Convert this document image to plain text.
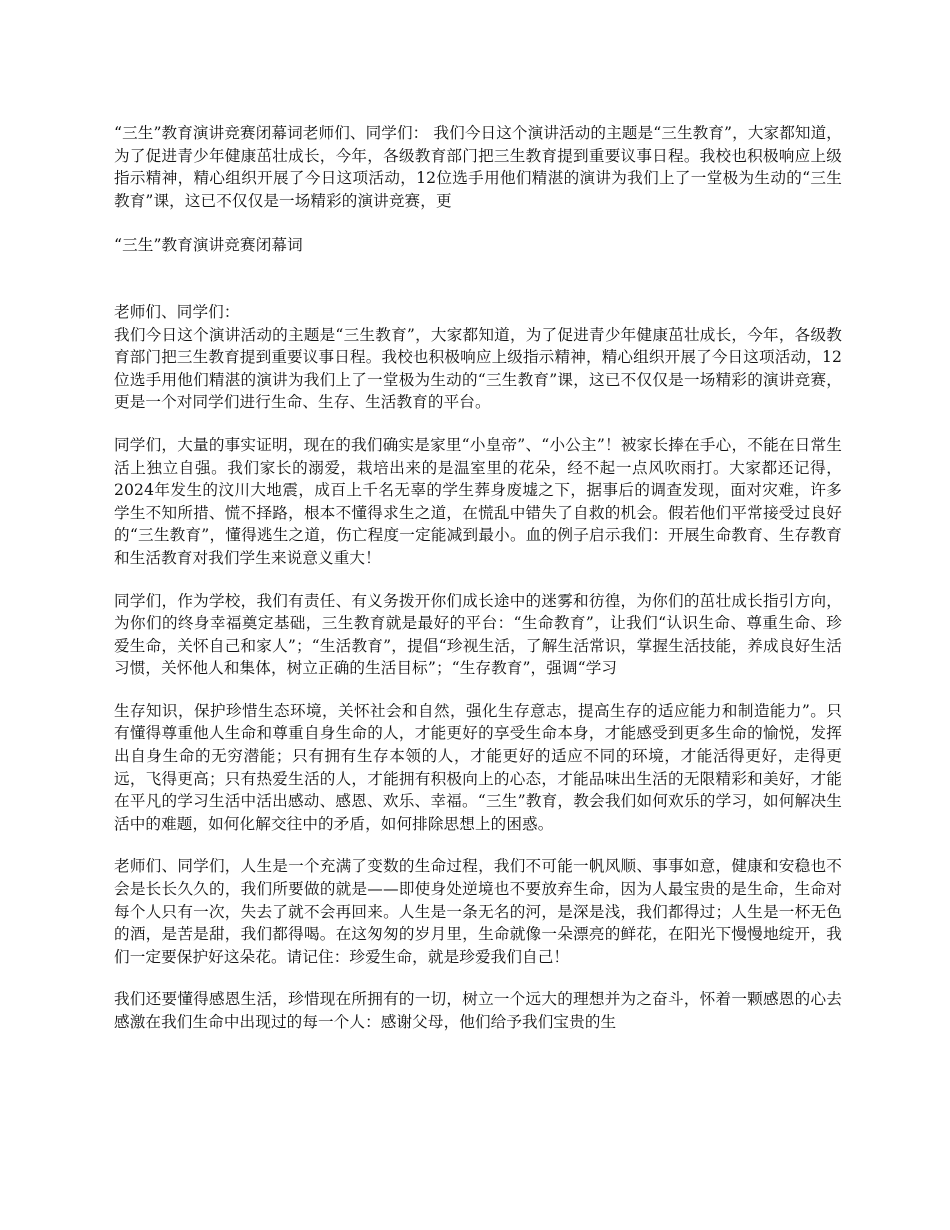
“三生”教育演讲竞赛闭幕词老师们、同学们： 我们今日这个演讲活动的主题是“三生教育”，大家都知道，为了促进青少年健康茁壮成长，今年，各级教育部门把三生教育提到重要议事日程。我校也积极响应上级指示精神，精心组织开展了今日这项活动，12位选手用他们精湛的演讲为我们上了一堂极为生动的“三生教育”课，这已不仅仅是一场精彩的演讲竞赛，更

“三生”教育演讲竞赛闭幕词

老师们、同学们：

我们今日这个演讲活动的主题是“三生教育”，大家都知道，为了促进青少年健康茁壮成长，今年，各级教育部门把三生教育提到重要议事日程。我校也积极响应上级指示精神，精心组织开展了今日这项活动，12位选手用他们精湛的演讲为我们上了一堂极为生动的“三生教育”课，这已不仅仅是一场精彩的演讲竞赛，更是一个对同学们进行生命、生存、生活教育的平台。

同学们，大量的事实证明，现在的我们确实是家里“小皇帝”、“小公主”！被家长捧在手心，不能在日常生活上独立自强。我们家长的溺爱，栽培出来的是温室里的花朵，经不起一点风吹雨打。大家都还记得，2024年发生的汶川大地震，成百上千名无辜的学生葬身废墟之下，据事后的调查发现，面对灾难，许多学生不知所措、慌不择路，根本不懂得求生之道，在慌乱中错失了自救的机会。假若他们平常接受过良好的“三生教育”，懂得逃生之道，伤亡程度一定能减到最小。血的例子启示我们：开展生命教育、生存教育和生活教育对我们学生来说意义重大！

同学们，作为学校，我们有责任、有义务拨开你们成长途中的迷雾和彷徨，为你们的茁壮成长指引方向，为你们的终身幸福奠定基础，三生教育就是最好的平台：“生命教育”，让我们“认识生命、尊重生命、珍爱生命，关怀自己和家人”；“生活教育”，提倡“珍视生活，了解生活常识，掌握生活技能，养成良好生活习惯，关怀他人和集体，树立正确的生活目标”；“生存教育”，强调“学习

生存知识，保护珍惜生态环境，关怀社会和自然，强化生存意志，提高生存的适应能力和制造能力”。只有懂得尊重他人生命和尊重自身生命的人，才能更好的享受生命本身，才能感受到更多生命的愉悦，发挥出自身生命的无穷潜能；只有拥有生存本领的人，才能更好的适应不同的环境，才能活得更好，走得更远，飞得更高；只有热爱生活的人，才能拥有积极向上的心态，才能品味出生活的无限精彩和美好，才能在平凡的学习生活中活出感动、感恩、欢乐、幸福。“三生”教育，教会我们如何欢乐的学习，如何解决生活中的难题，如何化解交往中的矛盾，如何排除思想上的困惑。

老师们、同学们，人生是一个充满了变数的生命过程，我们不可能一帆风顺、事事如意，健康和安稳也不会是长长久久的，我们所要做的就是——即使身处逆境也不要放弃生命，因为人最宝贵的是生命，生命对每个人只有一次，失去了就不会再回来。人生是一条无名的河，是深是浅，我们都得过；人生是一杯无色的酒，是苦是甜，我们都得喝。在这匆匆的岁月里，生命就像一朵漂亮的鲜花，在阳光下慢慢地绽开，我们一定要保护好这朵花。请记住：珍爱生命，就是珍爱我们自己！

我们还要懂得感恩生活，珍惜现在所拥有的一切，树立一个远大的理想并为之奋斗，怀着一颗感恩的心去感激在我们生命中出现过的每一个人：感谢父母，他们给予我们宝贵的生
